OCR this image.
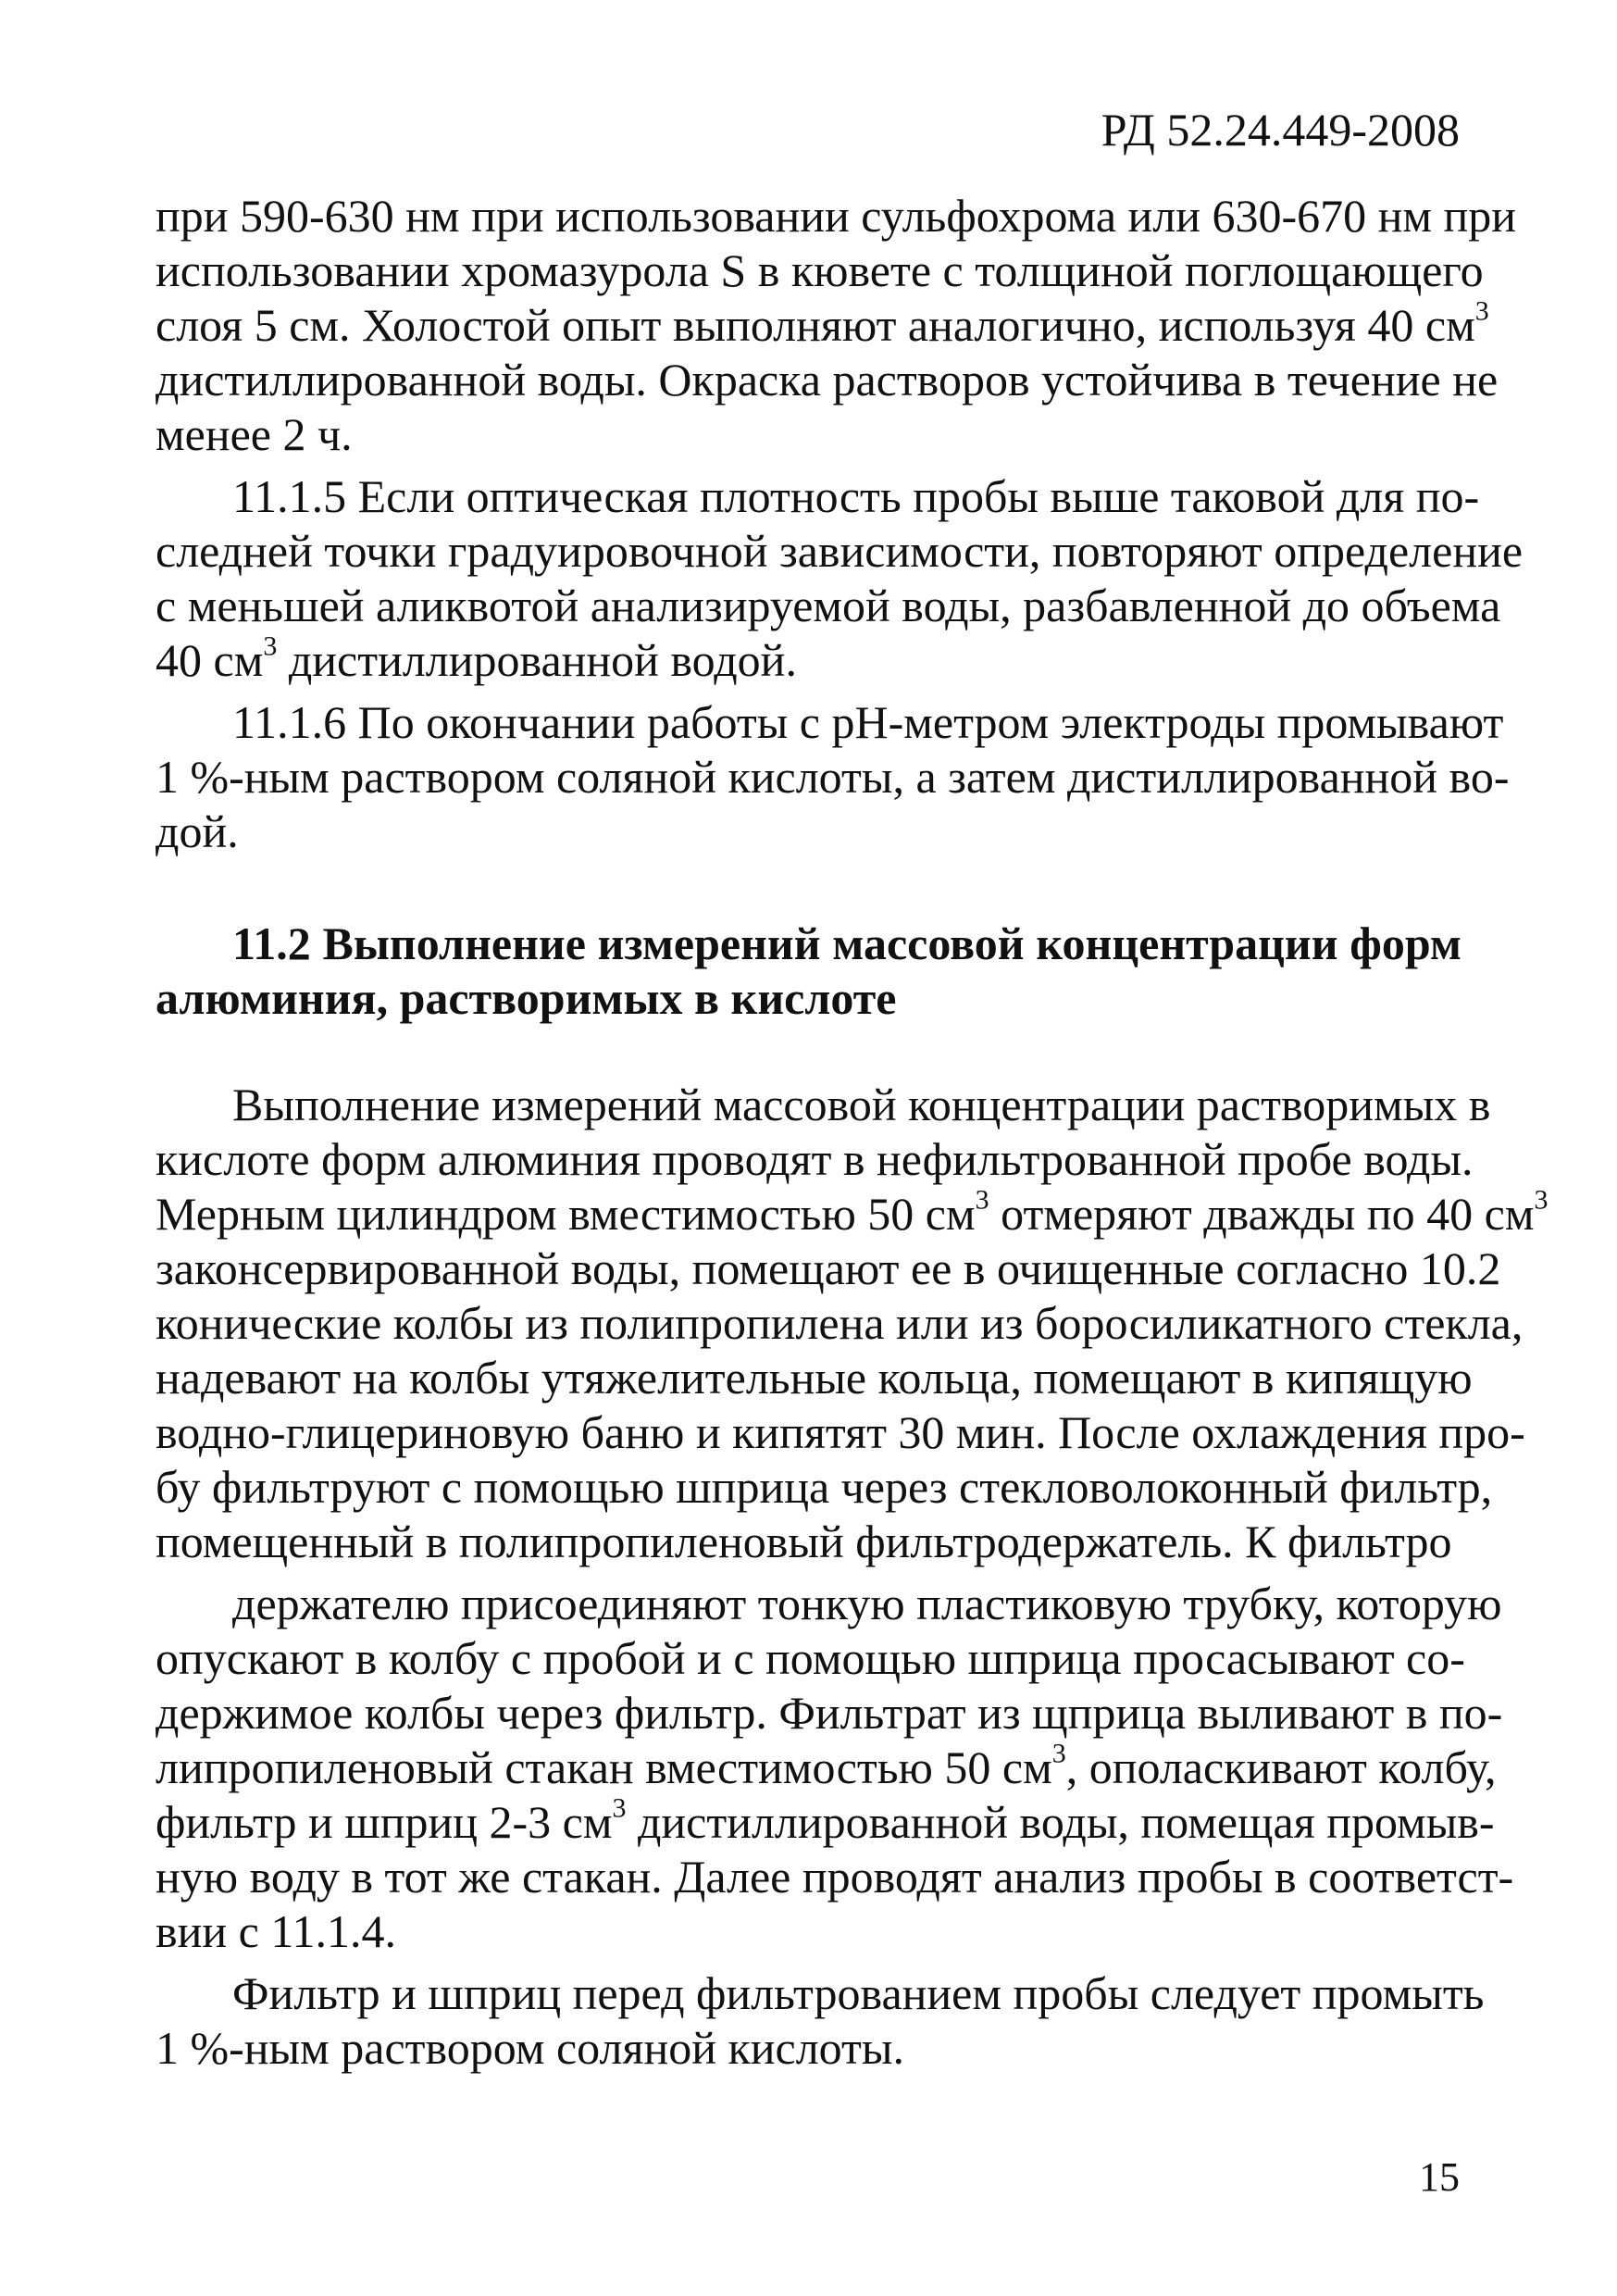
РД 52.24.449-2008

при 590-630 нм при использовании сульфохрома или 630-670 нм при
использовании хромазурола S в кювете с толщиной поглощающего
слоя 5 см. Холостой опыт выполняют аналогично, используя 40 $см^3$
дистиллированной воды. Окраска растворов устойчива в течение не
менее 2 ч.

11.1.5 Если оптическая плотность пробы выше таковой для по-
следней точки градуировочной зависимости, повторяют определение
с меньшей аликвотой анализируемой воды, разбавленной до объема
40 $см^3$ дистиллированной водой.

11.1.6 По окончании работы с pH-метром электроды промывают
1 %-ным раствором соляной кислоты, а затем дистиллированной во-
дой.

11.2 Выполнение измерений массовой концентрации форм
алюминия, растворимых в кислоте

Выполнение измерений массовой концентрации растворимых в
кислоте форм алюминия проводят в нефильтрованной пробе воды.
Мерным цилиндром вместимостью 50 $см^3$ отмеряют дважды по 40 $см^3$
законсервированной воды, помещают ее в очищенные согласно 10.2
конические колбы из полипропилена или из боросиликатного стекла,
надевают на колбы утяжелительные кольца, помещают в кипящую
водно-глицериновую баню и кипятят 30 мин. После охлаждения про-
бу фильтруют с помощью шприца через стекловолоконный фильтр,
помещенный в полипропиленовый фильтродержатель. К фильтро

держателю присоединяют тонкую пластиковую трубку, которую
опускают в колбу с пробой и с помощью шприца просасывают со-
держимое колбы через фильтр. Фильтрат из щприца выливают в по-
липропиленовый стакан вместимостью 50 $см^3$, ополаскивают колбу,
фильтр и шприц 2-3 $см^3$ дистиллированной воды, помещая промыв-
ную воду в тот же стакан. Далее проводят анализ пробы в соответст-
вии с 11.1.4.

Фильтр и шприц перед фильтрованием пробы следует промыть
1 %-ным раствором соляной кислоты.

15
